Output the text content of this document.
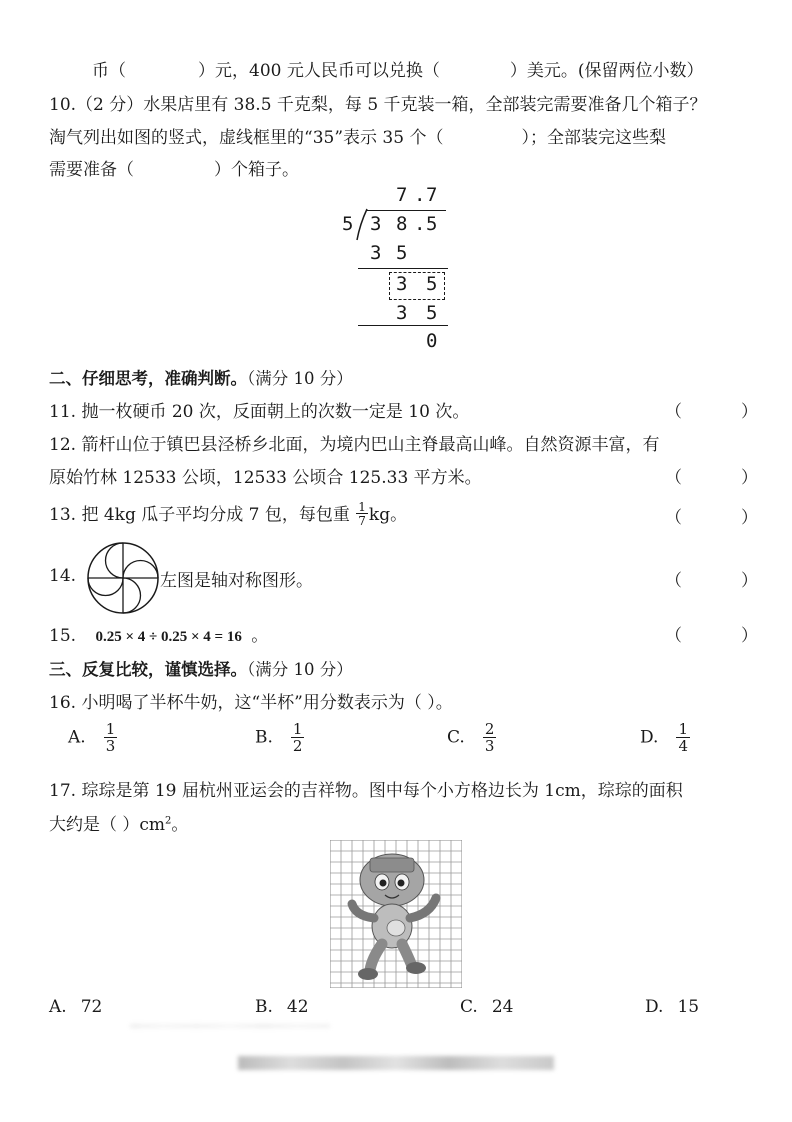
币（	）元，400 元人民币可以兑换（	）美元。(保留两位小数）
10.（2 分）水果店里有 38.5 千克梨，每 5 千克装一箱，全部装完需要准备几个箱子？
淘气列出如图的竖式，虚线框里的“35”表示 35 个（	）；全部装完这些梨
需要准备（	）个箱子。
7 . 7
5 3 8 . 5
3 5
3 5
3 5
0
二、仔细思考，准确判断。（满分 10 分）
11. 抛一枚硬币 20 次，反面朝上的次数一定是 10 次。	（	）
12. 箭杆山位于镇巴县泾桥乡北面，为境内巴山主脊最高山峰。自然资源丰富，有
原始竹林 12533 公顷，12533 公顷合 125.33 平方米。	（	）
13. 把 4kg 瓜子平均分成 7 包，每包重 $\frac{1}{7}$ kg。	（	）
14.	左图是轴对称图形。	（	）
15. 0.25 × 4 ÷ 0.25 × 4 = 16 。	（	）
三、反复比较，谨慎选择。（满分 10 分）
16. 小明喝了半杯牛奶，这“半杯”用分数表示为（ ）。
A. $\frac{1}{3}$	B. $\frac{1}{2}$	C. $\frac{2}{3}$	D. $\frac{1}{4}$
17. 琮琮是第 19 届杭州亚运会的吉祥物。图中每个小方格边长为 1cm，琮琮的面积
大约是（ ）$cm^2$。
A. 72	B. 42	C. 24	D. 15
